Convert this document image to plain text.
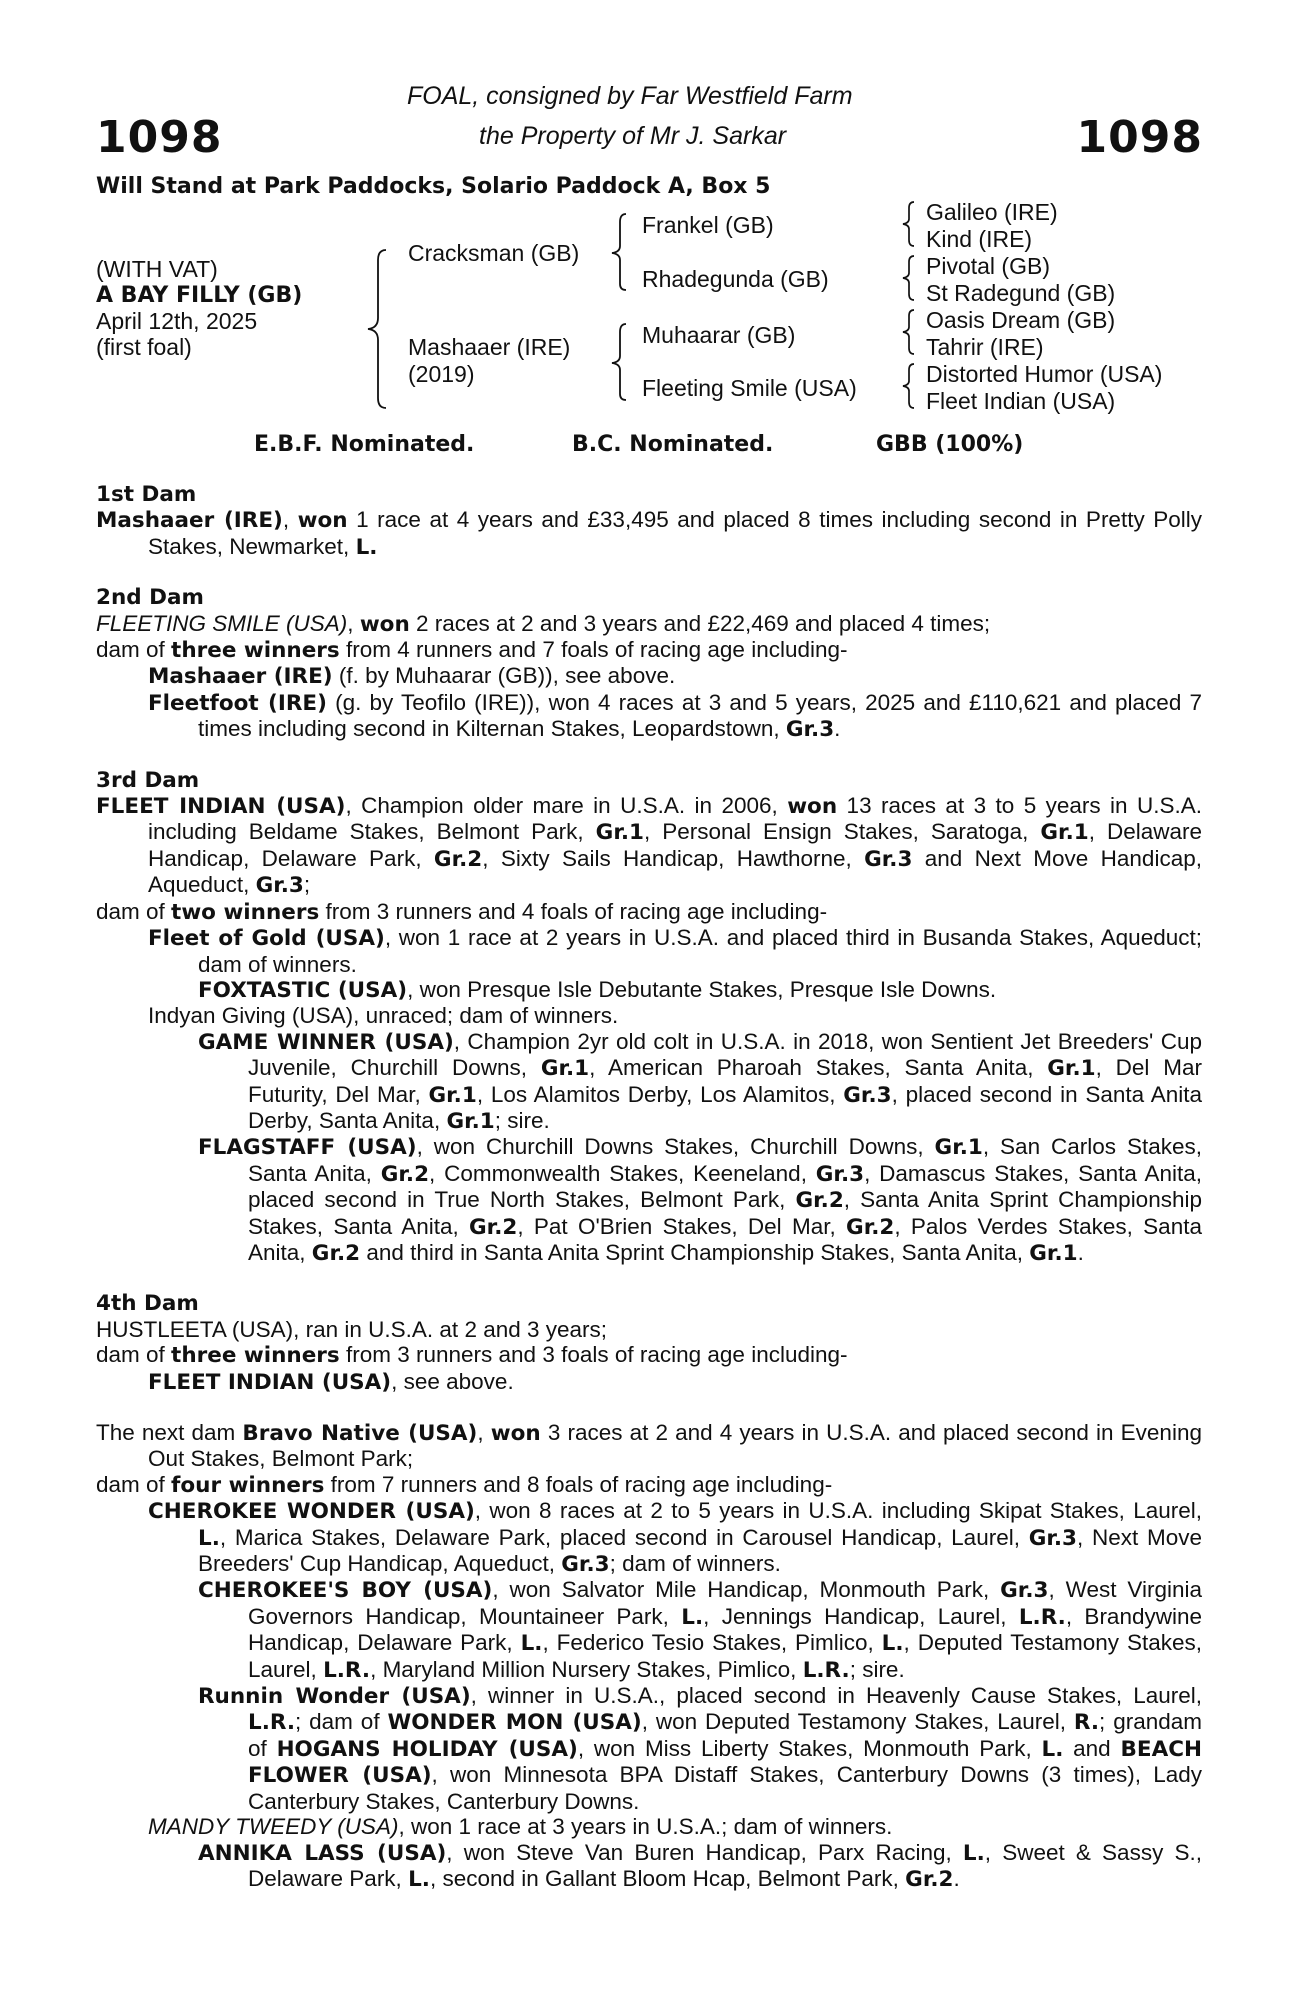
1098	1098
FOAL, consigned by Far Westfield Farm
the Property of Mr J. Sarkar
Will Stand at Park Paddocks, Solario Paddock A, Box 5
(WITH VAT)
A BAY FILLY (GB)
April 12th, 2025
(first foal)
Cracksman (GB)
Mashaaer (IRE)
(2019)
Frankel (GB)
Rhadegunda (GB)
Muhaarar (GB)
Fleeting Smile (USA)
Galileo (IRE)
Kind (IRE)
Pivotal (GB)
St Radegund (GB)
Oasis Dream (GB)
Tahrir (IRE)
Distorted Humor (USA)
Fleet Indian (USA)
E.B.F. Nominated.	B.C. Nominated.	GBB (100%)

1st Dam

Mashaaer (IRE), won 1 race at 4 years and £33,495 and placed 8 times including second in Pretty Polly Stakes, Newmarket, L.

2nd Dam

FLEETING SMILE (USA), won 2 races at 2 and 3 years and £22,469 and placed 4 times;

dam of three winners from 4 runners and 7 foals of racing age including-

Mashaaer (IRE) (f. by Muhaarar (GB)), see above.

Fleetfoot (IRE) (g. by Teofilo (IRE)), won 4 races at 3 and 5 years, 2025 and £110,621 and placed 7 times including second in Kilternan Stakes, Leopardstown, Gr.3.

3rd Dam

FLEET INDIAN (USA), Champion older mare in U.S.A. in 2006, won 13 races at 3 to 5 years in U.S.A. including Beldame Stakes, Belmont Park, Gr.1, Personal Ensign Stakes, Saratoga, Gr.1, Delaware Handicap, Delaware Park, Gr.2, Sixty Sails Handicap, Hawthorne, Gr.3 and Next Move Handicap, Aqueduct, Gr.3;

dam of two winners from 3 runners and 4 foals of racing age including-

Fleet of Gold (USA), won 1 race at 2 years in U.S.A. and placed third in Busanda Stakes, Aqueduct; dam of winners.

FOXTASTIC (USA), won Presque Isle Debutante Stakes, Presque Isle Downs.

Indyan Giving (USA), unraced; dam of winners.

GAME WINNER (USA), Champion 2yr old colt in U.S.A. in 2018, won Sentient Jet Breeders' Cup Juvenile, Churchill Downs, Gr.1, American Pharoah Stakes, Santa Anita, Gr.1, Del Mar Futurity, Del Mar, Gr.1, Los Alamitos Derby, Los Alamitos, Gr.3, placed second in Santa Anita Derby, Santa Anita, Gr.1; sire.

FLAGSTAFF (USA), won Churchill Downs Stakes, Churchill Downs, Gr.1, San Carlos Stakes, Santa Anita, Gr.2, Commonwealth Stakes, Keeneland, Gr.3, Damascus Stakes, Santa Anita, placed second in True North Stakes, Belmont Park, Gr.2, Santa Anita Sprint Championship Stakes, Santa Anita, Gr.2, Pat O'Brien Stakes, Del Mar, Gr.2, Palos Verdes Stakes, Santa Anita, Gr.2 and third in Santa Anita Sprint Championship Stakes, Santa Anita, Gr.1.

4th Dam

HUSTLEETA (USA), ran in U.S.A. at 2 and 3 years;

dam of three winners from 3 runners and 3 foals of racing age including-

FLEET INDIAN (USA), see above.

The next dam Bravo Native (USA), won 3 races at 2 and 4 years in U.S.A. and placed second in Evening Out Stakes, Belmont Park;

dam of four winners from 7 runners and 8 foals of racing age including-

CHEROKEE WONDER (USA), won 8 races at 2 to 5 years in U.S.A. including Skipat Stakes, Laurel, L., Marica Stakes, Delaware Park, placed second in Carousel Handicap, Laurel, Gr.3, Next Move Breeders' Cup Handicap, Aqueduct, Gr.3; dam of winners.

CHEROKEE'S BOY (USA), won Salvator Mile Handicap, Monmouth Park, Gr.3, West Virginia Governors Handicap, Mountaineer Park, L., Jennings Handicap, Laurel, L.R., Brandywine Handicap, Delaware Park, L., Federico Tesio Stakes, Pimlico, L., Deputed Testamony Stakes, Laurel, L.R., Maryland Million Nursery Stakes, Pimlico, L.R.; sire.

Runnin Wonder (USA), winner in U.S.A., placed second in Heavenly Cause Stakes, Laurel, L.R.; dam of WONDER MON (USA), won Deputed Testamony Stakes, Laurel, R.; grandam of HOGANS HOLIDAY (USA), won Miss Liberty Stakes, Monmouth Park, L. and BEACH FLOWER (USA), won Minnesota BPA Distaff Stakes, Canterbury Downs (3 times), Lady Canterbury Stakes, Canterbury Downs.

MANDY TWEEDY (USA), won 1 race at 3 years in U.S.A.; dam of winners.

ANNIKA LASS (USA), won Steve Van Buren Handicap, Parx Racing, L., Sweet & Sassy S., Delaware Park, L., second in Gallant Bloom Hcap, Belmont Park, Gr.2.
